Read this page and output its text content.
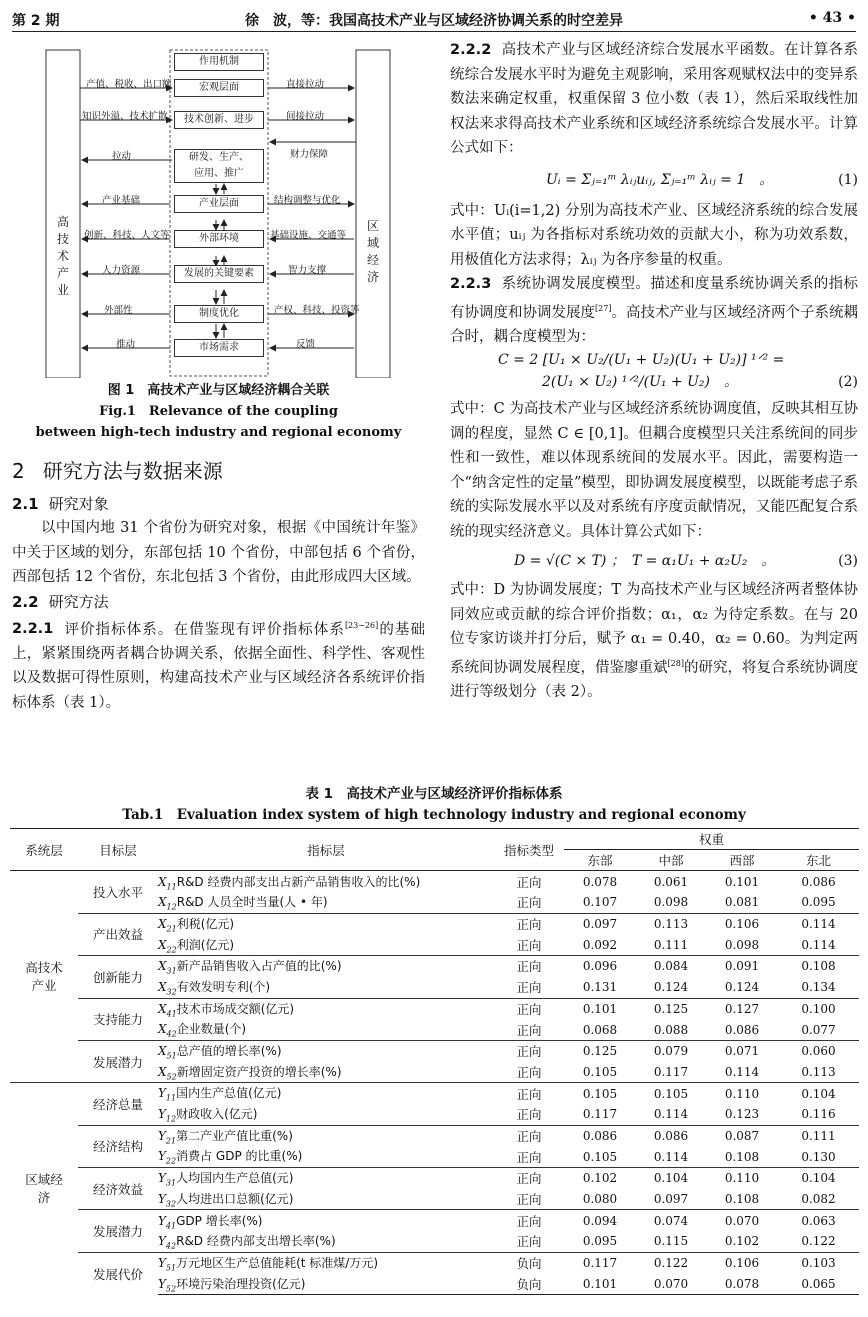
第 2 期	徐　波，等：我国高技术产业与区域经济协调关系的时空差异	• 43 •
高技术产业
区域经济
作用机制
宏观层面
技术创新、进步
研发、生产、应用、推广
产业层面
外部环境
发展的关键要素
制度优化
市场需求
产值、税收、出口额
知识外溢、技术扩散
拉动
产业基础
创新、科技、人文等
人力资源
外部性
推动
直接拉动
间接拉动
财力保障
结构调整与优化
基础设施、交通等
智力支撑
产权、科技、投资等
反馈
图 1　高技术产业与区域经济耦合关联
Fig.1　Relevance of the coupling
between high-tech industry and regional economy
2 研究方法与数据来源
2.1 研究对象

以中国内地 31 个省份为研究对象，根据《中国统计年鉴》中关于区域的划分，东部包括 10 个省份，中部包括 6 个省份，西部包括 12 个省份，东北包括 3 个省份，由此形成四大区域。

2.2 研究方法

2.2.1 评价指标体系。在借鉴现有评价指标体系[23−26]的基础上，紧紧围绕两者耦合协调关系，依据全面性、科学性、客观性以及数据可得性原则，构建高技术产业与区域经济各系统评价指标体系（表 1）。

2.2.2 高技术产业与区域经济综合发展水平函数。在计算各系统综合发展水平时为避免主观影响，采用客观赋权法中的变异系数法来确定权重，权重保留 3 位小数（表 1），然后采取线性加权法来求得高技术产业系统和区域经济系统综合发展水平。计算公式如下：

Uᵢ = Σⱼ₌₁ᵐ λᵢⱼuᵢⱼ, Σⱼ₌₁ᵐ λᵢⱼ = 1　。	(1)

式中：Uᵢ(i=1,2) 分别为高技术产业、区域经济系统的综合发展水平值；uᵢⱼ 为各指标对系统功效的贡献大小，称为功效系数，用极值化方法求得；λᵢⱼ 为各序参量的权重。

2.2.3 系统协调发展度模型。描述和度量系统协调关系的指标有协调度和协调发展度[27]。高技术产业与区域经济两个子系统耦合时，耦合度模型为：

C = 2 [U₁ × U₂/(U₁ + U₂)(U₁ + U₂)] ¹ᐟ² =
2(U₁ × U₂) ¹ᐟ²/(U₁ + U₂)　。	(2)

式中：C 为高技术产业与区域经济系统协调度值，反映其相互协调的程度，显然 C ∈ [0,1]。但耦合度模型只关注系统间的同步性和一致性，难以体现系统间的发展水平。因此，需要构造一个“纳含定性的定量”模型，即协调发展度模型，以既能考虑子系统的实际发展水平以及对系统有序度贡献情况，又能匹配复合系统的现实经济意义。具体计算公式如下：

D = √(C × T) ；　T = α₁U₁ + α₂U₂　。	(3)

式中：D 为协调发展度；T 为高技术产业与区域经济两者整体协同效应或贡献的综合评价指数；α₁，α₂ 为待定系数。在与 20 位专家访谈并打分后，赋予 α₁ = 0.40，α₂ = 0.60。为判定两系统间协调发展程度，借鉴廖重斌[28]的研究，将复合系统协调度进行等级划分（表 2）。

表 1　高技术产业与区域经济评价指标体系
Tab.1　Evaluation index system of high technology industry and regional economy
系统层	目标层	指标层	指标类型	权重			
				东部	中部	西部	东北
高技术产业	投入水平	$X_{11}R\&D$ 经费内部支出占新产品销售收入的比(%)	正向	0.078	0.061	0.101	0.086
		$X_{12}R\&D$ 人员全时当量(人 • 年)	正向	0.107	0.098	0.081	0.095
	产出效益	$X_{21}$利税(亿元)	正向	0.097	0.113	0.106	0.114
		$X_{22}$利润(亿元)	正向	0.092	0.111	0.098	0.114
	创新能力	$X_{31}$新产品销售收入占产值的比(%)	正向	0.096	0.084	0.091	0.108
		$X_{32}$有效发明专利(个)	正向	0.131	0.124	0.124	0.134
	支持能力	$X_{41}$技术市场成交额(亿元)	正向	0.101	0.125	0.127	0.100
		$X_{42}$企业数量(个)	正向	0.068	0.088	0.086	0.077
	发展潜力	$X_{51}$总产值的增长率(%)	正向	0.125	0.079	0.071	0.060
		$X_{52}$新增固定资产投资的增长率(%)	正向	0.105	0.117	0.114	0.113
区域经济	经济总量	$Y_{11}$国内生产总值(亿元)	正向	0.105	0.105	0.110	0.104
		$Y_{12}$财政收入(亿元)	正向	0.117	0.114	0.123	0.116
	经济结构	$Y_{21}$第二产业产值比重(%)	正向	0.086	0.086	0.087	0.111
		$Y_{22}$消费占 GDP 的比重(%)	正向	0.105	0.114	0.108	0.130
	经济效益	$Y_{31}$人均国内生产总值(元)	正向	0.102	0.104	0.110	0.104
		$Y_{32}$人均进出口总额(亿元)	正向	0.080	0.097	0.108	0.082
	发展潜力	$Y_{41}GDP$ 增长率(%)	正向	0.094	0.074	0.070	0.063
		$Y_{42}R\&D$ 经费内部支出增长率(%)	正向	0.095	0.115	0.102	0.122
	发展代价	$Y_{51}$万元地区生产总值能耗(t 标准煤/万元)	负向	0.117	0.122	0.106	0.103
		$Y_{52}$环境污染治理投资(亿元)	负向	0.101	0.070	0.078	0.065
